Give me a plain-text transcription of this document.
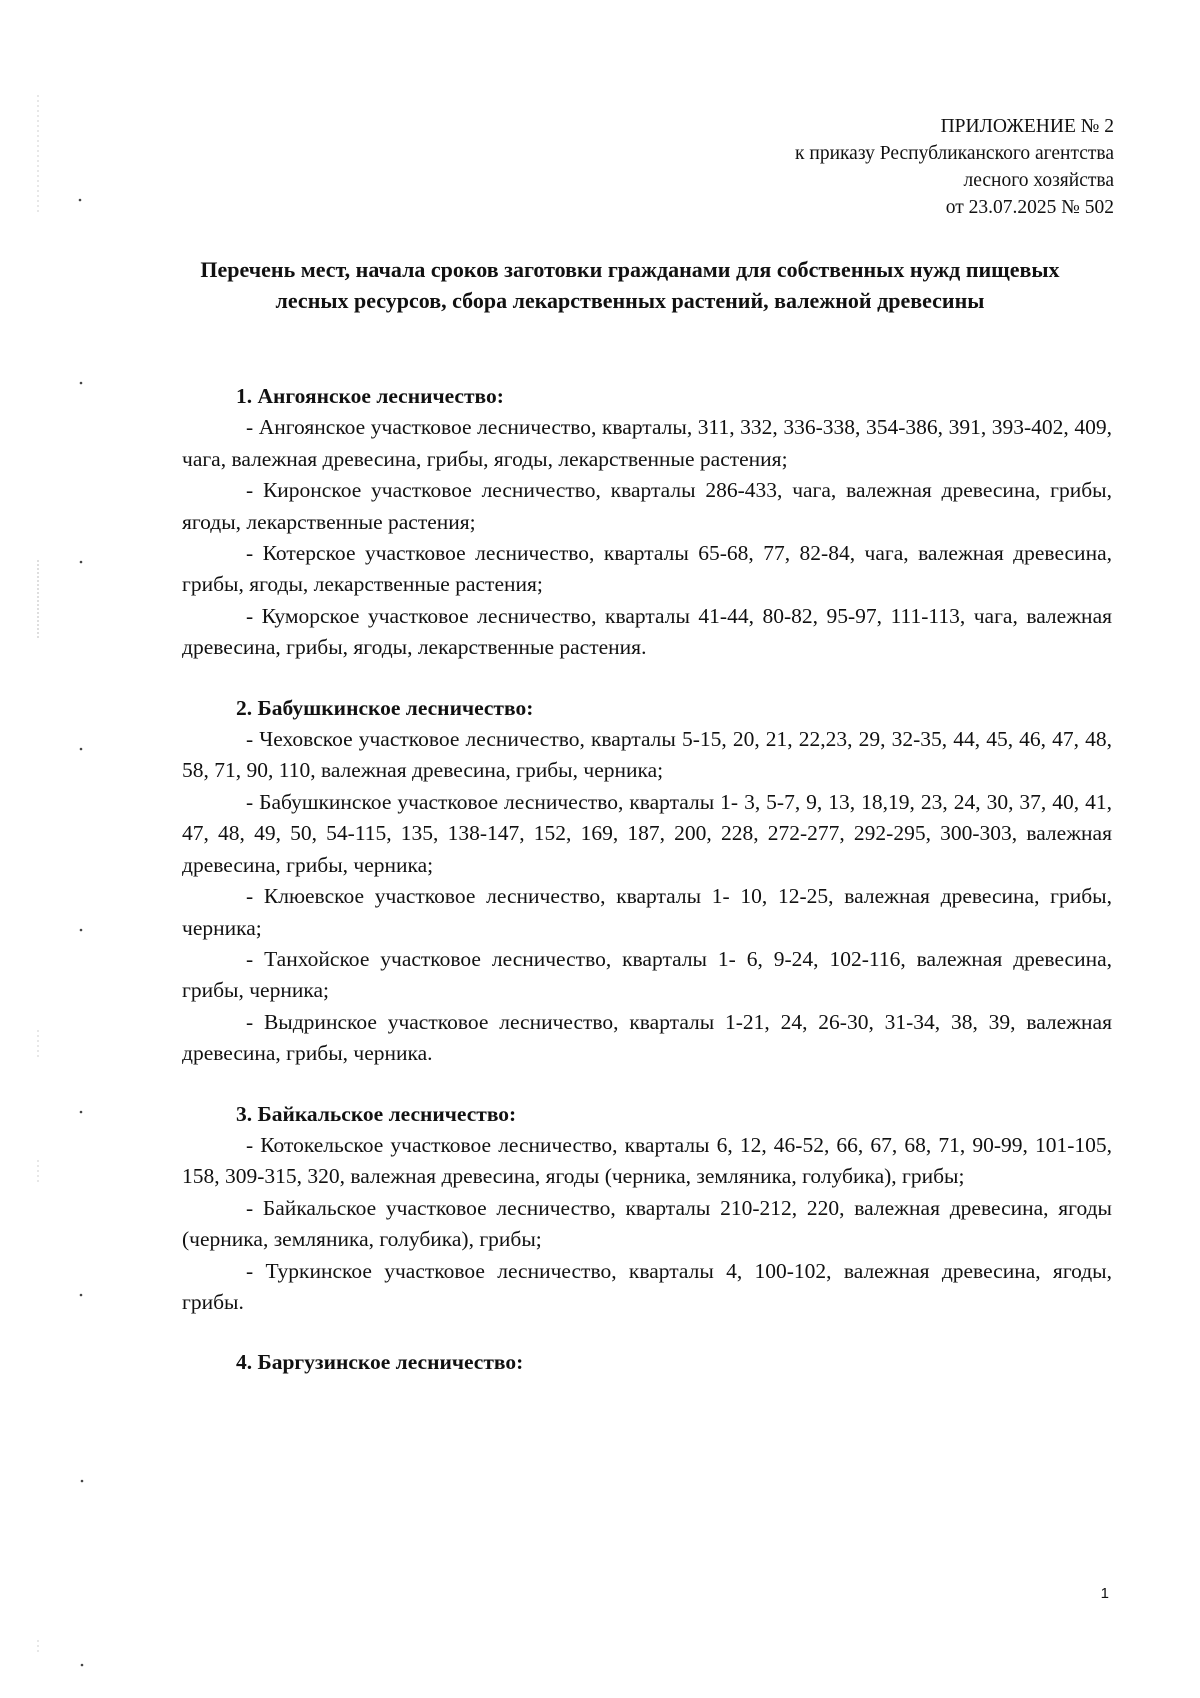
ПРИЛОЖЕНИЕ № 2
к приказу Республиканского агентства
лесного хозяйства
от 23.07.2025 № 502
Перечень мест, начала сроков заготовки гражданами для собственных нужд пищевых лесных ресурсов, сбора лекарственных растений, валежной древесины

1. Ангоянское лесничество:

- Ангоянское участковое лесничество, кварталы, 311, 332, 336-338, 354-386, 391, 393-402, 409, чага, валежная древесина, грибы, ягоды, лекарственные растения;

- Киронское участковое лесничество, кварталы 286-433, чага, валежная древесина, грибы, ягоды, лекарственные растения;

- Котерское участковое лесничество, кварталы 65-68, 77, 82-84, чага, валежная древесина, грибы, ягоды, лекарственные растения;

- Куморское участковое лесничество, кварталы 41-44, 80-82, 95-97, 111-113, чага, валежная древесина, грибы, ягоды, лекарственные растения.

2. Бабушкинское лесничество:

- Чеховское участковое лесничество, кварталы 5-15, 20, 21, 22,23, 29, 32-35, 44, 45, 46, 47, 48, 58, 71, 90, 110, валежная древесина, грибы, черника;

- Бабушкинское участковое лесничество, кварталы 1- 3, 5-7, 9, 13, 18,19, 23, 24, 30, 37, 40, 41, 47, 48, 49, 50, 54-115, 135, 138-147, 152, 169, 187, 200, 228, 272-277, 292-295, 300-303, валежная древесина, грибы, черника;

- Клюевское участковое лесничество, кварталы 1- 10, 12-25, валежная древесина, грибы, черника;

- Танхойское участковое лесничество, кварталы 1- 6, 9-24, 102-116, валежная древесина, грибы, черника;

- Выдринское участковое лесничество, кварталы 1-21, 24, 26-30, 31-34, 38, 39, валежная древесина, грибы, черника.

3. Байкальское лесничество:

- Котокельское участковое лесничество, кварталы 6, 12, 46-52, 66, 67, 68, 71, 90-99, 101-105, 158, 309-315, 320, валежная древесина, ягоды (черника, земляника, голубика), грибы;

- Байкальское участковое лесничество, кварталы 210-212, 220, валежная древесина, ягоды (черника, земляника, голубика), грибы;

- Туркинское участковое лесничество, кварталы 4, 100-102, валежная древесина, ягоды, грибы.

4. Баргузинское лесничество:

1
